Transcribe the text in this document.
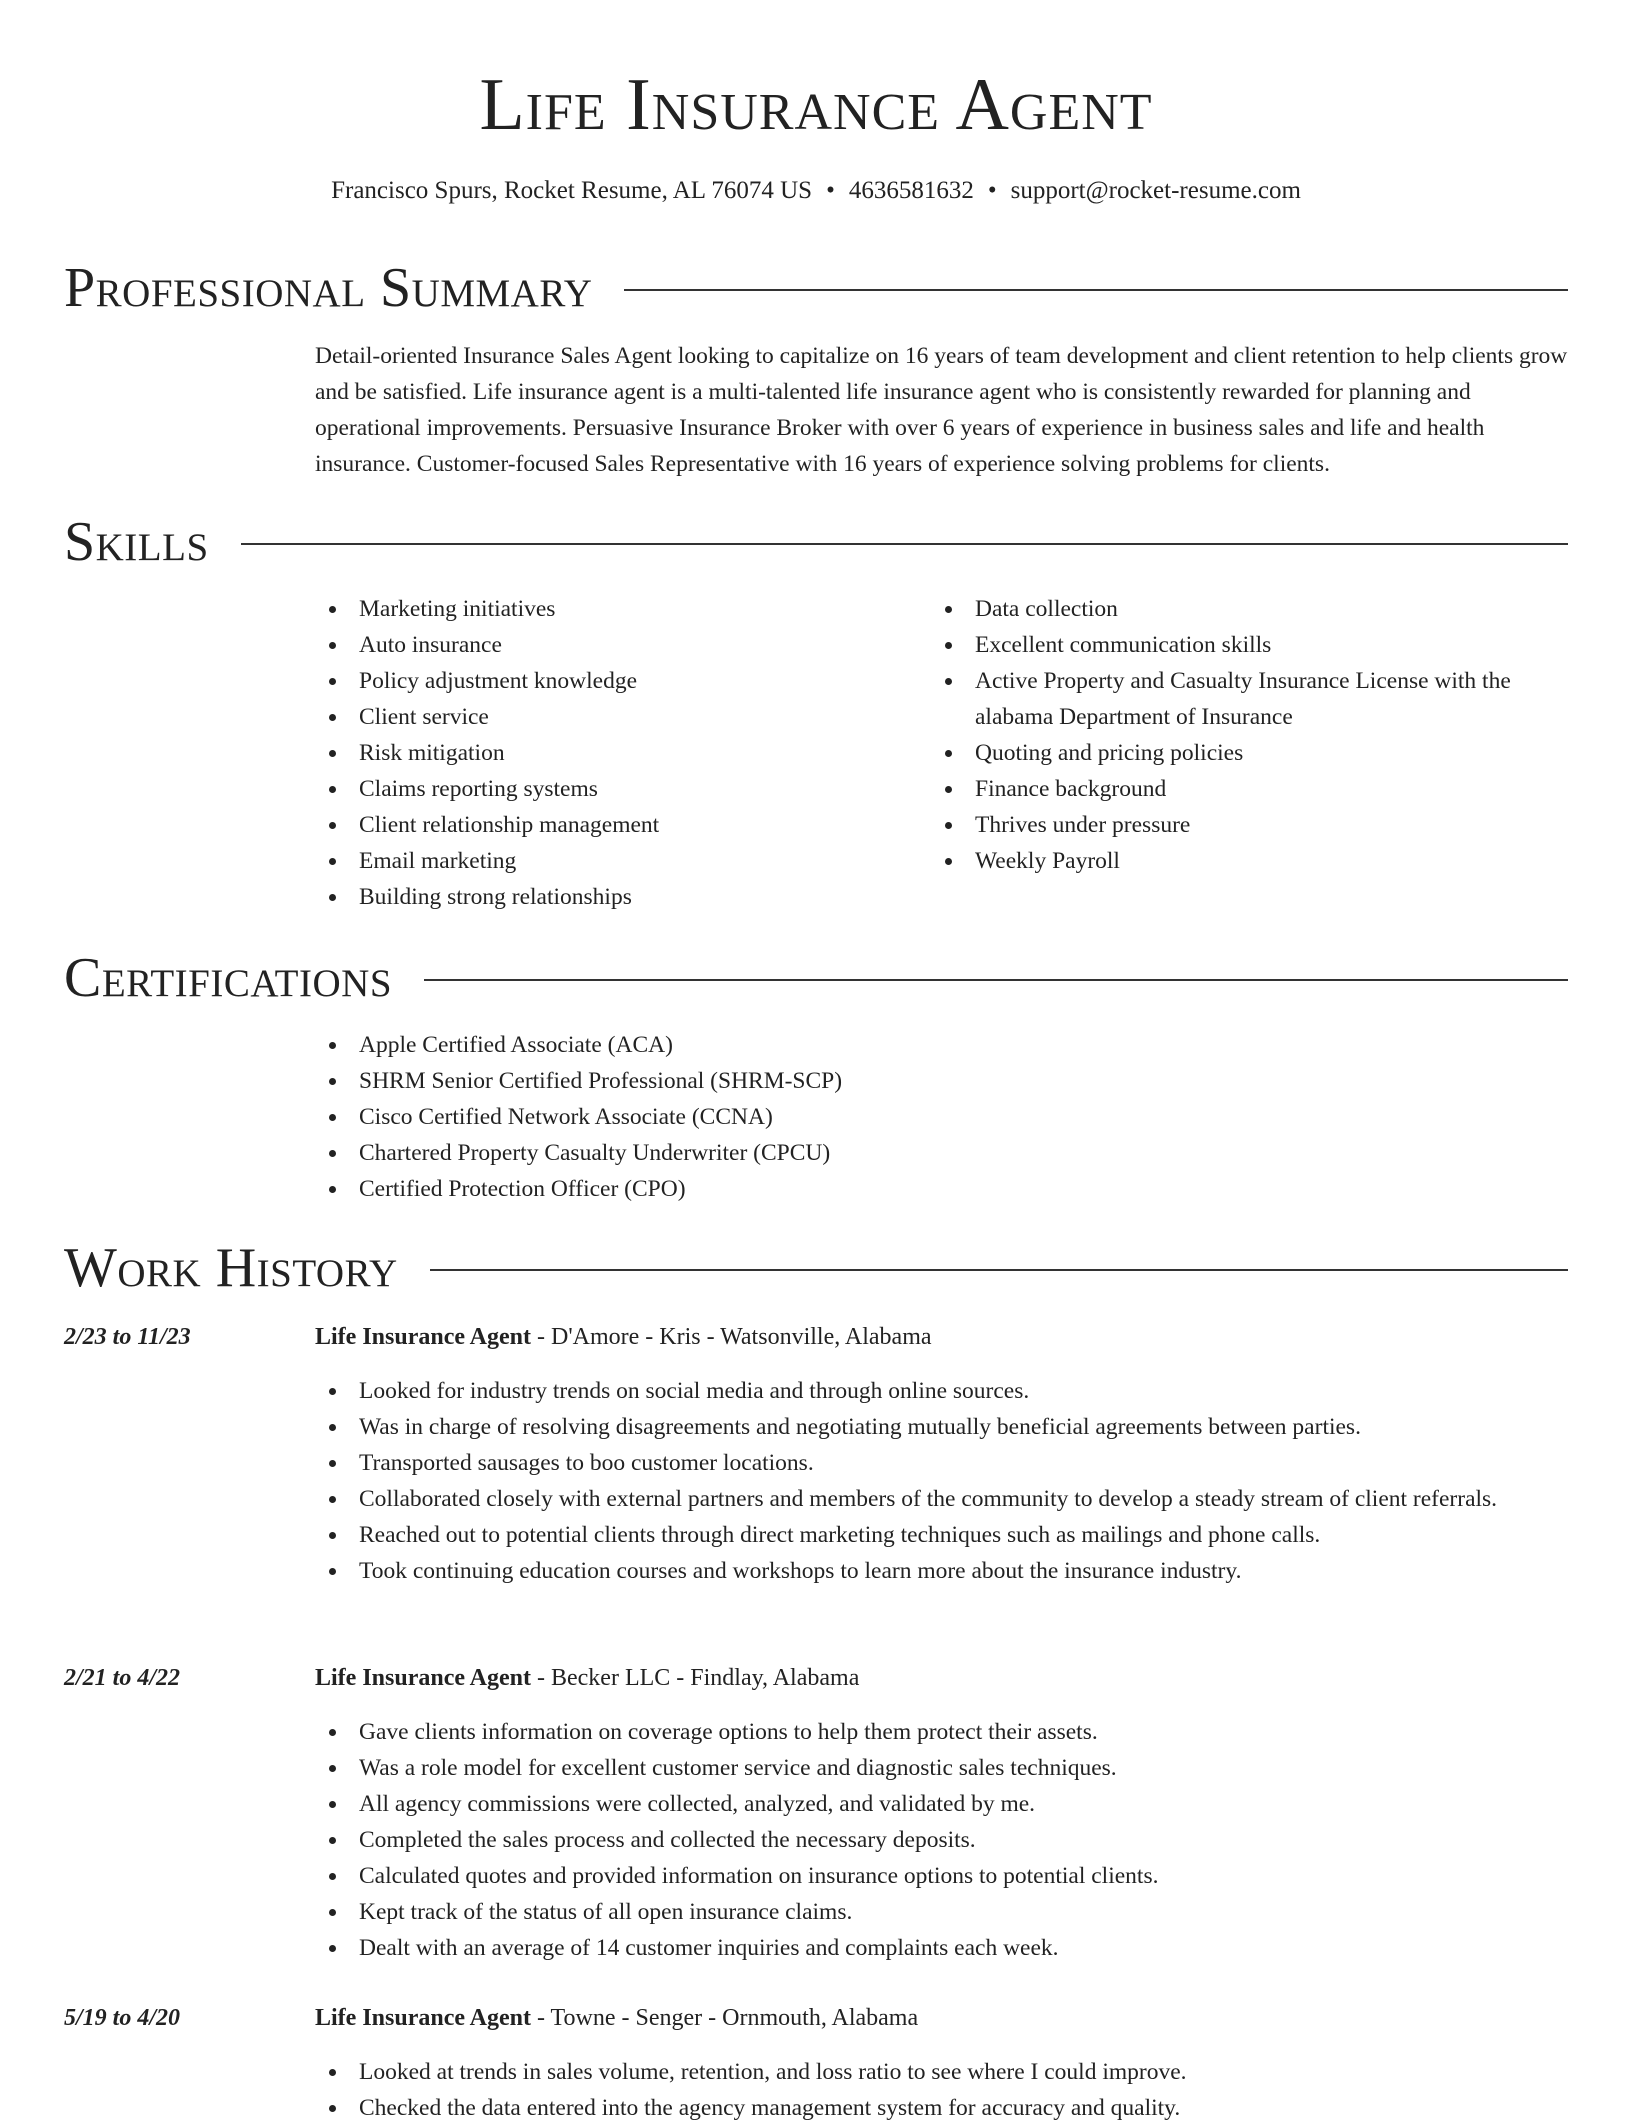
Life Insurance Agent
Francisco Spurs, Rocket Resume, AL 76074 US • 4636581632 • support@rocket-resume.com
Professional Summary

Detail-oriented Insurance Sales Agent looking to capitalize on 16 years of team development and client retention to help clients grow and be satisfied. Life insurance agent is a multi-talented life insurance agent who is consistently rewarded for planning and operational improvements. Persuasive Insurance Broker with over 6 years of experience in business sales and life and health insurance. Customer-focused Sales Representative with 16 years of experience solving problems for clients.

Skills
Marketing initiatives
Auto insurance
Policy adjustment knowledge
Client service
Risk mitigation
Claims reporting systems
Client relationship management
Email marketing
Building strong relationships
Data collection
Excellent communication skills
Active Property and Casualty Insurance License with the alabama Department of Insurance
Quoting and pricing policies
Finance background
Thrives under pressure
Weekly Payroll
Certifications
Apple Certified Associate (ACA)
SHRM Senior Certified Professional (SHRM-SCP)
Cisco Certified Network Associate (CCNA)
Chartered Property Casualty Underwriter (CPCU)
Certified Protection Officer (CPO)
Work History
2/23 to 11/23	Life Insurance Agent - D'Amore - Kris - Watsonville, Alabama
Looked for industry trends on social media and through online sources.
Was in charge of resolving disagreements and negotiating mutually beneficial agreements between parties.
Transported sausages to boo customer locations.
Collaborated closely with external partners and members of the community to develop a steady stream of client referrals.
Reached out to potential clients through direct marketing techniques such as mailings and phone calls.
Took continuing education courses and workshops to learn more about the insurance industry.
2/21 to 4/22	Life Insurance Agent - Becker LLC - Findlay, Alabama
Gave clients information on coverage options to help them protect their assets.
Was a role model for excellent customer service and diagnostic sales techniques.
All agency commissions were collected, analyzed, and validated by me.
Completed the sales process and collected the necessary deposits.
Calculated quotes and provided information on insurance options to potential clients.
Kept track of the status of all open insurance claims.
Dealt with an average of 14 customer inquiries and complaints each week.
5/19 to 4/20	Life Insurance Agent - Towne - Senger - Ornmouth, Alabama
Looked at trends in sales volume, retention, and loss ratio to see where I could improve.
Checked the data entered into the agency management system for accuracy and quality.
